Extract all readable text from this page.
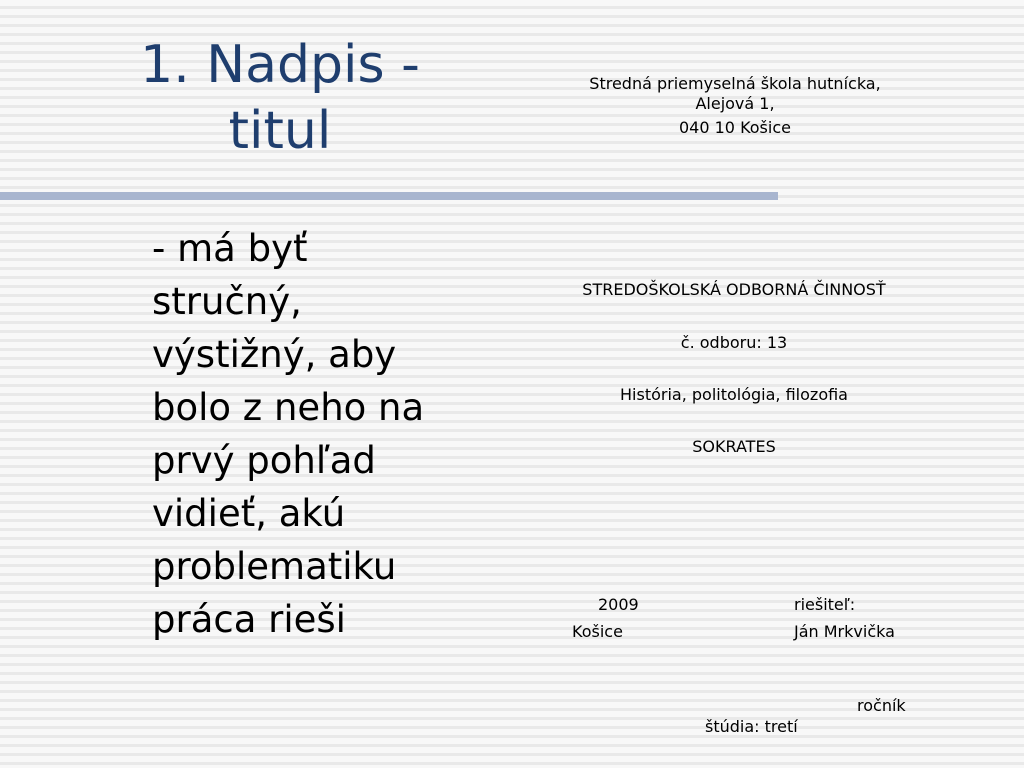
1. Nadpis -
titul
- má byť
stručný,
výstižný, aby
bolo z neho na
prvý pohľad
vidieť, akú
problematiku
práca rieši
Stredná priemyselná škola hutnícka,
Alejová 1,
040 10 Košice
STREDOŠKOLSKÁ ODBORNÁ ČINNOSŤ
č. odboru: 13
História, politológia, filozofia
SOKRATES
2009
Košice
riešiteľ:
Ján Mrkvička
ročník
štúdia: tretí
